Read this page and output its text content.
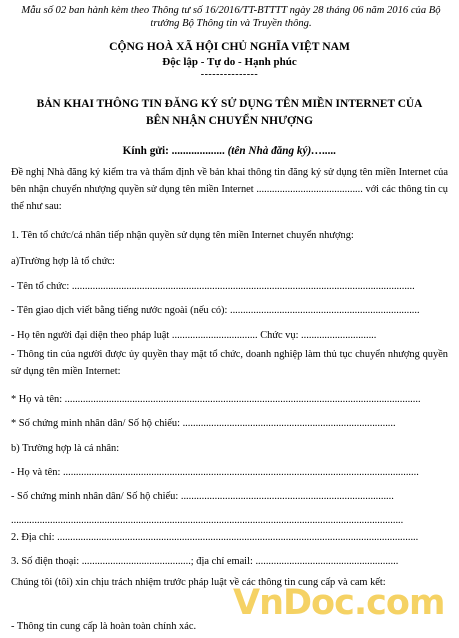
Mẫu số 02 ban hành kèm theo Thông tư số 16/2016/TT-BTTTT ngày 28 tháng 06 năm 2016 của Bộ trưởng Bộ Thông tin và Truyền thông.
CỘNG HOÀ XÃ HỘI CHỦ NGHĨA VIỆT NAM
Độc lập - Tự do - Hạnh phúc
---------------
BẢN KHAI THÔNG TIN ĐĂNG KÝ SỬ DỤNG TÊN MIỀN INTERNET CỦA
BÊN NHẬN CHUYỂN NHƯỢNG
Kính gửi: ................... (tên Nhà đăng ký)….....
Đề nghị Nhà đăng ký kiểm tra và thẩm định về bản khai thông tin đăng ký sử dụng tên miền Internet của bên nhận chuyển nhượng quyền sử dụng tên miền Internet ......................................... với các thông tin cụ thể như sau:
1. Tên tổ chức/cá nhân tiếp nhận quyền sử dụng tên miền Internet chuyển nhượng:
a)Trường hợp là tổ chức:
- Tên tổ chức: ....................................................................................................................................
- Tên giao dịch viết bằng tiếng nước ngoài (nếu có): .........................................................................
- Họ tên người đại diện theo pháp luật ................................. Chức vụ: .............................
- Thông tin của người được ủy quyền thay mặt tổ chức, doanh nghiệp làm thủ tục chuyển nhượng quyền sử dụng tên miền Internet:
* Họ và tên: .........................................................................................................................................
* Số chứng minh nhân dân/ Số hộ chiếu: ..................................................................................
b) Trường hợp là cá nhân:
- Họ và tên: .........................................................................................................................................
- Số chứng minh nhân dân/ Số hộ chiếu: ..................................................................................
.......................................................................................................................................................
2. Địa chỉ: ...........................................................................................................................................
3. Số điện thoại: ..........................................; địa chỉ email: .......................................................
Chúng tôi (tôi) xin chịu trách nhiệm trước pháp luật về các thông tin cung cấp và cam kết:
- Thông tin cung cấp là hoàn toàn chính xác.
VnDoc.com
